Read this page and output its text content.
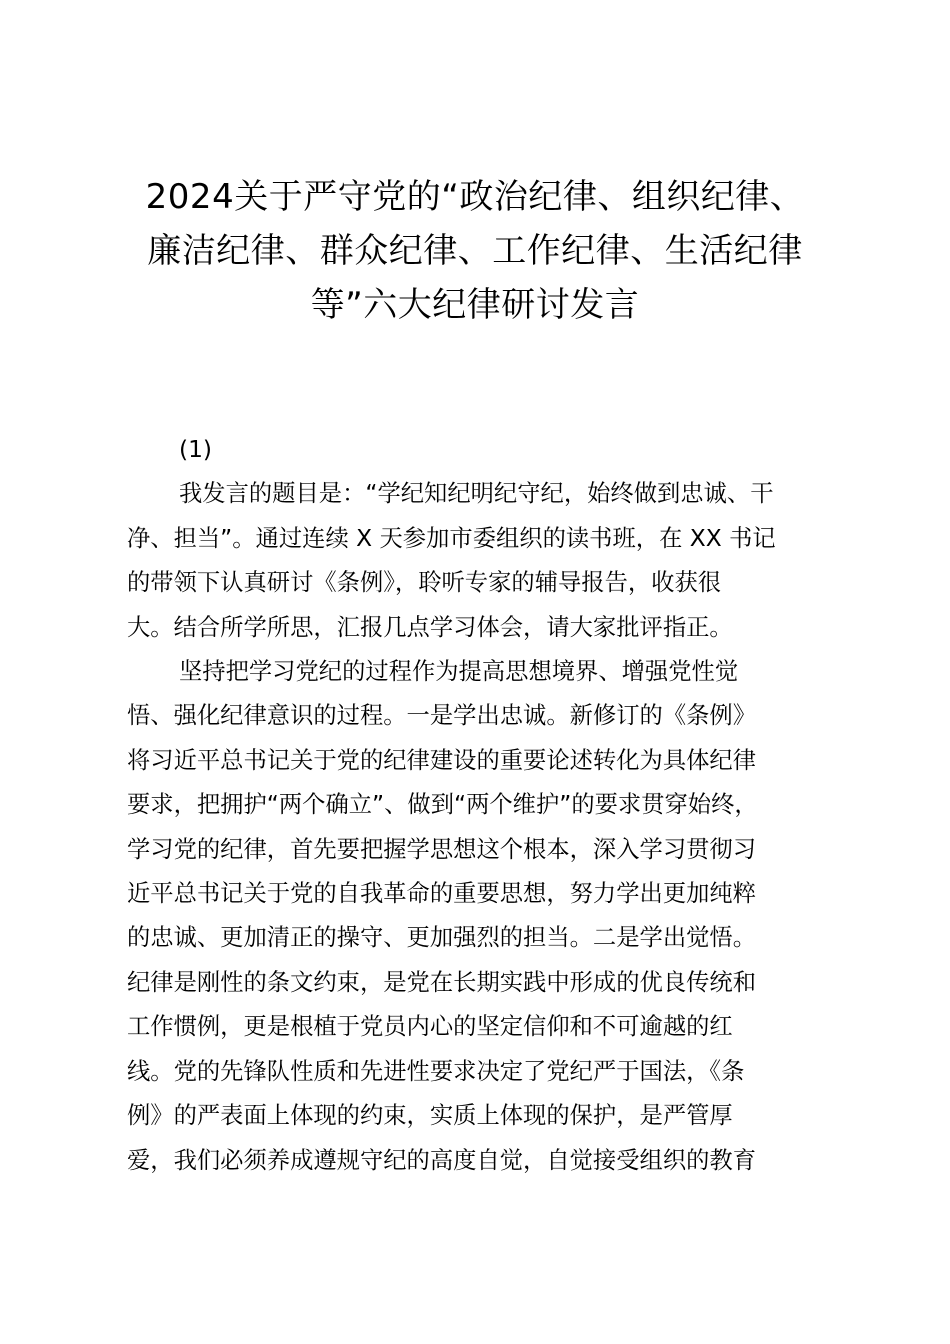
2024关于严守党的“政治纪律、组织纪律、
廉洁纪律、群众纪律、工作纪律、生活纪律
等”六大纪律研讨发言

(1)

我发言的题目是：“学纪知纪明纪守纪，始终做到忠诚、干
净、担当”。通过连续 X 天参加市委组织的读书班，在 XX 书记
的带领下认真研讨《条例》，聆听专家的辅导报告，收获很
大。结合所学所思，汇报几点学习体会，请大家批评指正。

坚持把学习党纪的过程作为提高思想境界、增强党性觉
悟、强化纪律意识的过程。一是学出忠诚。新修订的《条例》
将习近平总书记关于党的纪律建设的重要论述转化为具体纪律
要求，把拥护“两个确立”、做到“两个维护”的要求贯穿始终，
学习党的纪律，首先要把握学思想这个根本，深入学习贯彻习
近平总书记关于党的自我革命的重要思想，努力学出更加纯粹
的忠诚、更加清正的操守、更加强烈的担当。二是学出觉悟。
纪律是刚性的条文约束，是党在长期实践中形成的优良传统和
工作惯例，更是根植于党员内心的坚定信仰和不可逾越的红
线。党的先锋队性质和先进性要求决定了党纪严于国法，《条
例》的严表面上体现的约束，实质上体现的保护，是严管厚
爱，我们必须养成遵规守纪的高度自觉，自觉接受组织的教育
